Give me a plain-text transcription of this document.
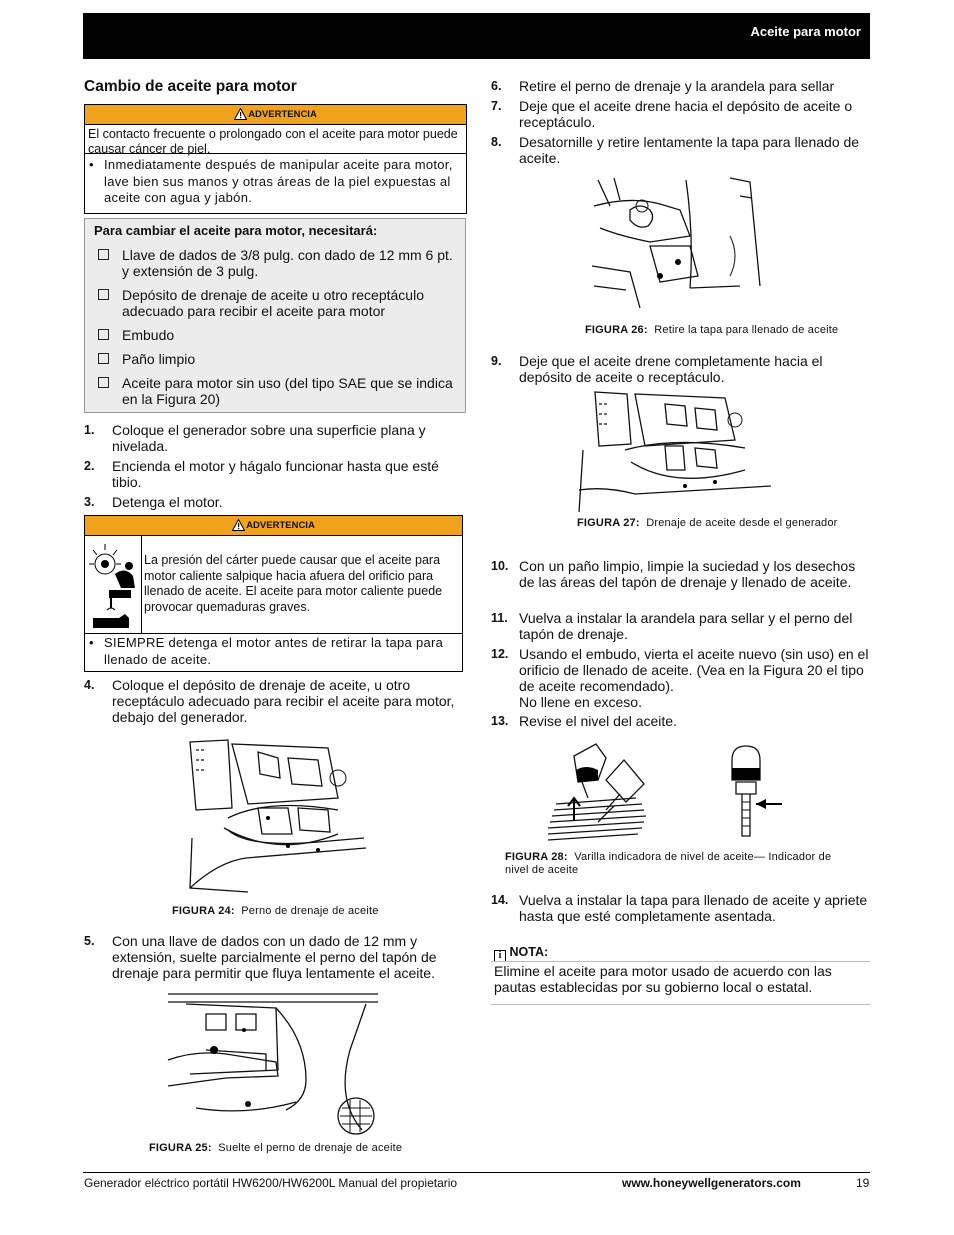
Aceite para motor
Cambio de aceite para motor
ADVERTENCIA
El contacto frecuente o prolongado con el aceite para motor puede causar cáncer de piel.
• Inmediatamente después de manipular aceite para motor, lave bien sus manos y otras áreas de la piel expuestas al aceite con agua y jabón.
Para cambiar el aceite para motor, necesitará:
Llave de dados de 3/8 pulg. con dado de 12 mm 6 pt. y extensión de 3 pulg.
Depósito de drenaje de aceite u otro receptáculo adecuado para recibir el aceite para motor
Embudo
Paño limpio
Aceite para motor sin uso (del tipo SAE que se indica en la Figura 20)
1.	Coloque el generador sobre una superficie plana y nivelada.
2.	Encienda el motor y hágalo funcionar hasta que esté tibio.
3.	Detenga el motor.
ADVERTENCIA
La presión del cárter puede causar que el aceite para motor caliente salpique hacia afuera del orificio para llenado de aceite. El aceite para motor caliente puede provocar quemaduras graves.
• SIEMPRE detenga el motor antes de retirar la tapa para llenado de aceite.
4.	Coloque el depósito de drenaje de aceite, u otro receptáculo adecuado para recibir el aceite para motor, debajo del generador.
FIGURA 24: Perno de drenaje de aceite
5.	Con una llave de dados con un dado de 12 mm y extensión, suelte parcialmente el perno del tapón de drenaje para permitir que fluya lentamente el aceite.
FIGURA 25: Suelte el perno de drenaje de aceite
6.	Retire el perno de drenaje y la arandela para sellar
7.	Deje que el aceite drene hacia el depósito de aceite o receptáculo.
8.	Desatornille y retire lentamente la tapa para llenado de aceite.
FIGURA 26: Retire la tapa para llenado de aceite
9.	Deje que el aceite drene completamente hacia el depósito de aceite o receptáculo.
FIGURA 27: Drenaje de aceite desde el generador
10. Con un paño limpio, limpie la suciedad y los desechos de las áreas del tapón de drenaje y llenado de aceite.
11. Vuelva a instalar la arandela para sellar y el perno del tapón de drenaje.
12. Usando el embudo, vierta el aceite nuevo (sin uso) en el orificio de llenado de aceite. (Vea en la Figura 20 el tipo de aceite recomendado).
No llene en exceso.
13. Revise el nivel del aceite.
FIGURA 28: Varilla indicadora de nivel de aceite— Indicador de nivel de aceite
14. Vuelva a instalar la tapa para llenado de aceite y apriete hasta que esté completamente asentada.
i NOTA:
Elimine el aceite para motor usado de acuerdo con las pautas establecidas por su gobierno local o estatal.
Generador eléctrico portátil HW6200/HW6200L Manual del propietario	www.honeywellgenerators.com	19
